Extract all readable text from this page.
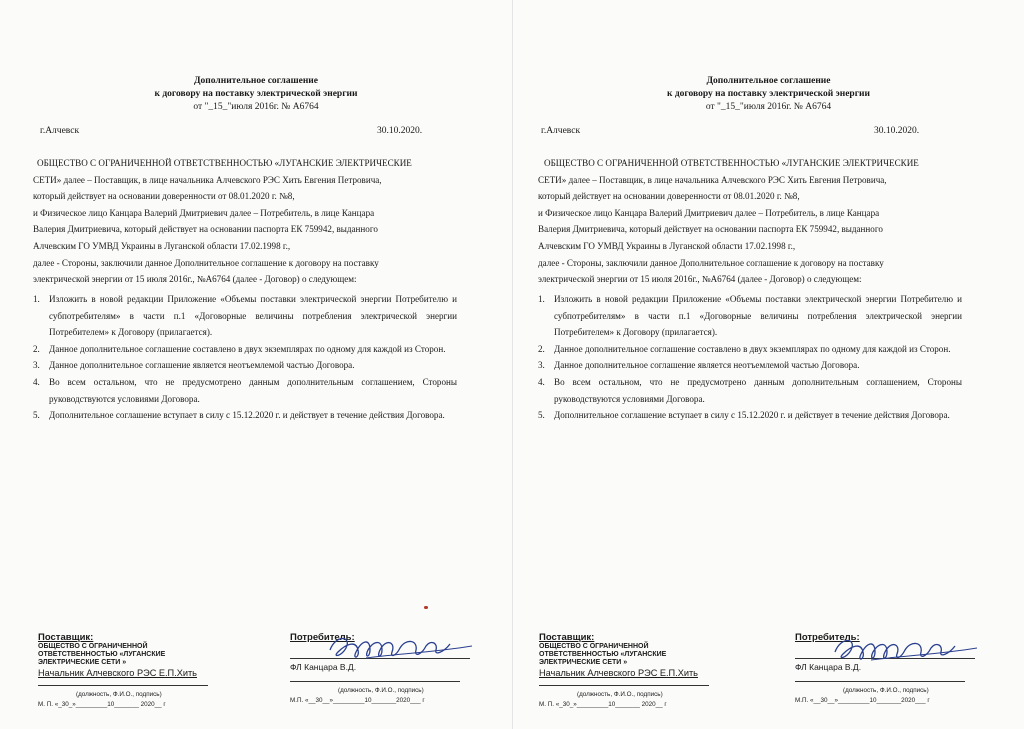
Дополнительное соглашение
к договору на поставку электрической энергии
от "_15_"июля 2016г. № А6764
г.Алчевск	30.10.2020.
ОБЩЕСТВО С ОГРАНИЧЕННОЙ ОТВЕТСТВЕННОСТЬЮ «ЛУГАНСКИЕ ЭЛЕКТРИЧЕСКИЕ
СЕТИ» далее – Поставщик, в лице начальника Алчевского РЭС Хить Евгения Петровича,
который действует на основании доверенности от 08.01.2020 г. №8,
и Физическое лицо Канцара Валерий Дмитриевич далее – Потребитель, в лице Канцара
Валерия Дмитриевича, который действует на основании паспорта ЕК 759942, выданного
Алчевским ГО УМВД Украины в Луганской области 17.02.1998 г.,
далее - Стороны, заключили данное Дополнительное соглашение к договору на поставку
электрической энергии от 15 июля 2016г., №А6764 (далее - Договор) о следующем:
1. Изложить в новой редакции Приложение «Объемы поставки электрической энергии Потребителю и субпотребителям» в части п.1 «Договорные величины потребления электрической энергии Потребителем» к Договору (прилагается).
2. Данное дополнительное соглашение составлено в двух экземплярах по одному для каждой из Сторон.
3. Данное дополнительное соглашение является неотъемлемой частью Договора.
4. Во всем остальном, что не предусмотрено данным дополнительным соглашением, Стороны руководствуются условиями Договора.
5. Дополнительное соглашение вступает в силу с 15.12.2020 г. и действует в течение действия Договора.
Поставщик:
ОБЩЕСТВО С ОГРАНИЧЕННОЙ
ОТВЕТСТВЕННОСТЬЮ «ЛУГАНСКИЕ
ЭЛЕКТРИЧЕСКИЕ СЕТИ »
Начальник Алчевского РЭС Е.П.Хить
(должность, Ф.И.О., подпись)
М. П. «_30_»_________10_______ 2020__ г
Потребитель:
ФЛ Канцара В.Д.
(должность, Ф.И.О., подпись)
М.П. «__30__»_________10_______2020___ г
Дополнительное соглашение
к договору на поставку электрической энергии
от "_15_"июля 2016г. № А6764
г.Алчевск	30.10.2020.
ОБЩЕСТВО С ОГРАНИЧЕННОЙ ОТВЕТСТВЕННОСТЬЮ «ЛУГАНСКИЕ ЭЛЕКТРИЧЕСКИЕ
СЕТИ» далее – Поставщик, в лице начальника Алчевского РЭС Хить Евгения Петровича,
который действует на основании доверенности от 08.01.2020 г. №8,
и Физическое лицо Канцара Валерий Дмитриевич далее – Потребитель, в лице Канцара
Валерия Дмитриевича, который действует на основании паспорта ЕК 759942, выданного
Алчевским ГО УМВД Украины в Луганской области 17.02.1998 г.,
далее - Стороны, заключили данное Дополнительное соглашение к договору на поставку
электрической энергии от 15 июля 2016г., №А6764 (далее - Договор) о следующем:
1. Изложить в новой редакции Приложение «Объемы поставки электрической энергии Потребителю и субпотребителям» в части п.1 «Договорные величины потребления электрической энергии Потребителем» к Договору (прилагается).
2. Данное дополнительное соглашение составлено в двух экземплярах по одному для каждой из Сторон.
3. Данное дополнительное соглашение является неотъемлемой частью Договора.
4. Во всем остальном, что не предусмотрено данным дополнительным соглашением, Стороны руководствуются условиями Договора.
5. Дополнительное соглашение вступает в силу с 15.12.2020 г. и действует в течение действия Договора.
Поставщик:
ОБЩЕСТВО С ОГРАНИЧЕННОЙ
ОТВЕТСТВЕННОСТЬЮ «ЛУГАНСКИЕ
ЭЛЕКТРИЧЕСКИЕ СЕТИ »
Начальник Алчевского РЭС Е.П.Хить
(должность, Ф.И.О., подпись)
М. П. «_30_»_________10_______ 2020__ г
Потребитель:
ФЛ Канцара В.Д.
(должность, Ф.И.О., подпись)
М.П. «__30__»_________10_______2020___ г
